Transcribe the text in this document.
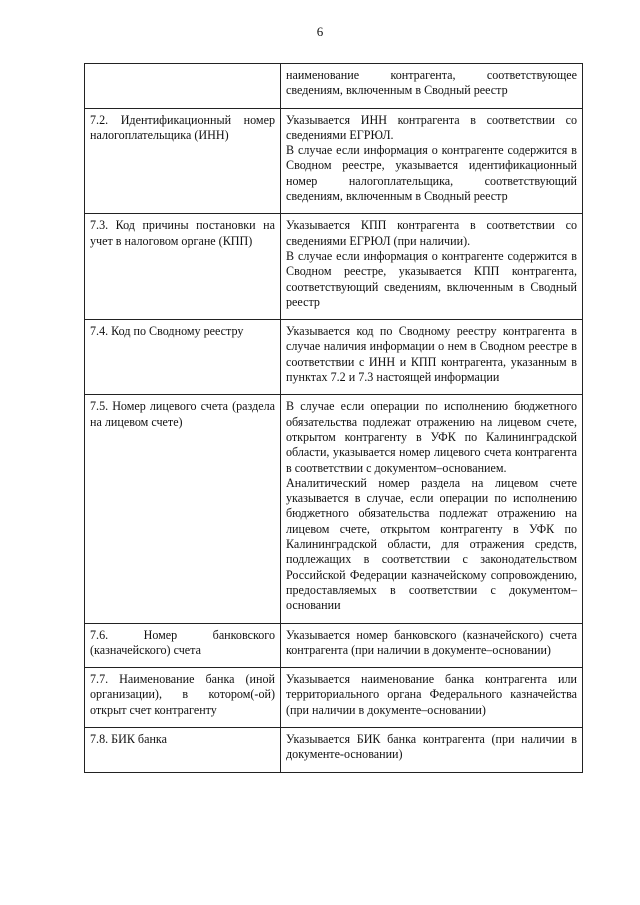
6

	наименование контрагента, соответствующее сведениям, включенным в Сводный реестр

7.2. Идентификационный номер налогоплательщика (ИНН)	Указывается ИНН контрагента в соответствии со сведениями ЕГРЮЛ.
В случае если информация о контрагенте содержится в Сводном реестре, указывается идентификационный номер налогоплательщика, соответствующий сведениям, включенным в Сводный реестр

7.3. Код причины постановки на учет в налоговом органе (КПП)	Указывается КПП контрагента в соответствии со сведениями ЕГРЮЛ (при наличии).
В случае если информация о контрагенте содержится в Сводном реестре, указывается КПП контрагента, соответствующий сведениям, включенным в Сводный реестр

7.4. Код по Сводному реестру	Указывается код по Сводному реестру контрагента в случае наличия информации о нем в Сводном реестре в соответствии с ИНН и КПП контрагента, указанным в пунктах 7.2 и 7.3 настоящей информации

7.5. Номер лицевого счета (раздела на лицевом счете)	В случае если операции по исполнению бюджетного обязательства подлежат отражению на лицевом счете, открытом контрагенту в УФК по Калининградской области, указывается номер лицевого счета контрагента в соответствии с документом–основанием.
Аналитический номер раздела на лицевом счете указывается в случае, если операции по исполнению бюджетного обязательства подлежат отражению на лицевом счете, открытом контрагенту в УФК по Калининградской области, для отражения средств, подлежащих в соответствии с законодательством Российской Федерации казначейскому сопровождению, предоставляемых в соответствии с документом–основании

7.6. Номер банковского (казначейского) счета	Указывается номер банковского (казначейского) счета контрагента (при наличии в документе–основании)

7.7. Наименование банка (иной организации), в котором(-ой) открыт счет контрагенту	Указывается наименование банка контрагента или территориального органа Федерального казначейства (при наличии в документе–основании)

7.8. БИК банка	Указывается БИК банка контрагента (при наличии в документе-основании)
